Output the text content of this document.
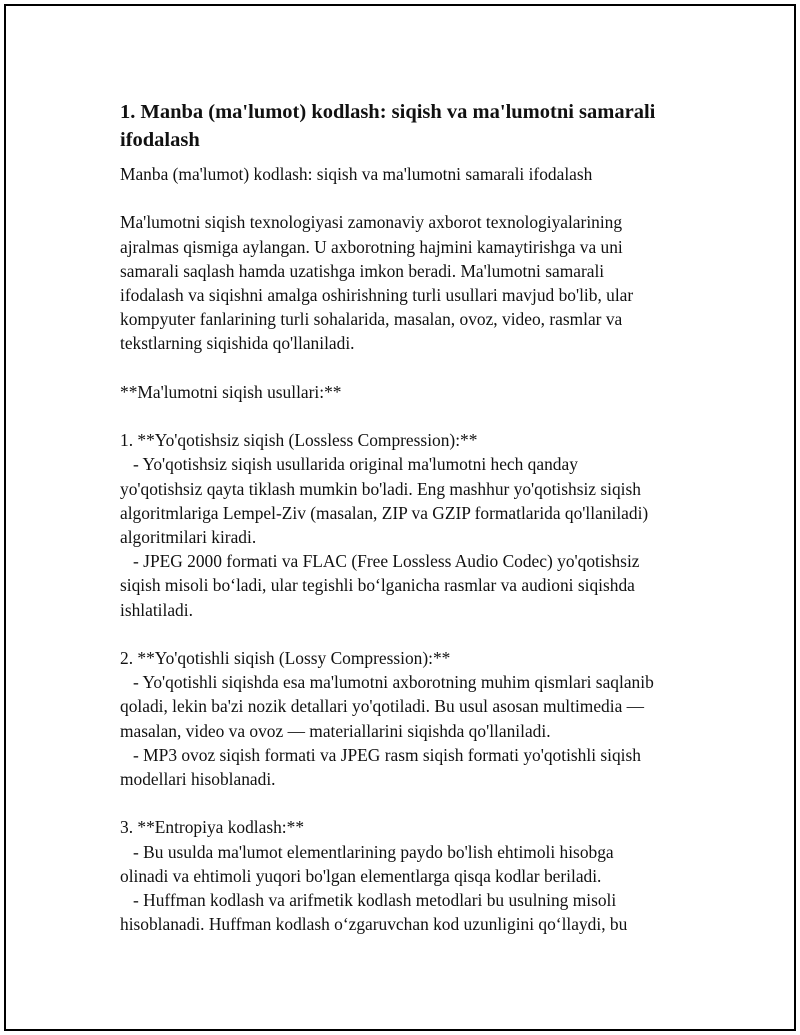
1. Manba (ma'lumot) kodlash: siqish va ma'lumotni samarali ifodalash
Manba (ma'lumot) kodlash: siqish va ma'lumotni samarali ifodalash
Ma'lumotni siqish texnologiyasi zamonaviy axborot texnologiyalarining
ajralmas qismiga aylangan. U axborotning hajmini kamaytirishga va uni
samarali saqlash hamda uzatishga imkon beradi. Ma'lumotni samarali
ifodalash va siqishni amalga oshirishning turli usullari mavjud bo'lib, ular
kompyuter fanlarining turli sohalarida, masalan, ovoz, video, rasmlar va
tekstlarning siqishida qo'llaniladi.
**Ma'lumotni siqish usullari:**
1. **Yo'qotishsiz siqish (Lossless Compression):**
- Yo'qotishsiz siqish usullarida original ma'lumotni hech qanday
yo'qotishsiz qayta tiklash mumkin bo'ladi. Eng mashhur yo'qotishsiz siqish
algoritmlariga Lempel-Ziv (masalan, ZIP va GZIP formatlarida qo'llaniladi)
algoritmilari kiradi.
- JPEG 2000 formati va FLAC (Free Lossless Audio Codec) yo'qotishsiz
siqish misoli bo‘ladi, ular tegishli bo‘lganicha rasmlar va audioni siqishda
ishlatiladi.
2. **Yo'qotishli siqish (Lossy Compression):**
- Yo'qotishli siqishda esa ma'lumotni axborotning muhim qismlari saqlanib
qoladi, lekin ba'zi nozik detallari yo'qotiladi. Bu usul asosan multimedia —
masalan, video va ovoz — materiallarini siqishda qo'llaniladi.
- MP3 ovoz siqish formati va JPEG rasm siqish formati yo'qotishli siqish
modellari hisoblanadi.
3. **Entropiya kodlash:**
- Bu usulda ma'lumot elementlarining paydo bo'lish ehtimoli hisobga
olinadi va ehtimoli yuqori bo'lgan elementlarga qisqa kodlar beriladi.
- Huffman kodlash va arifmetik kodlash metodlari bu usulning misoli
hisoblanadi. Huffman kodlash o‘zgaruvchan kod uzunligini qo‘llaydi, bu
